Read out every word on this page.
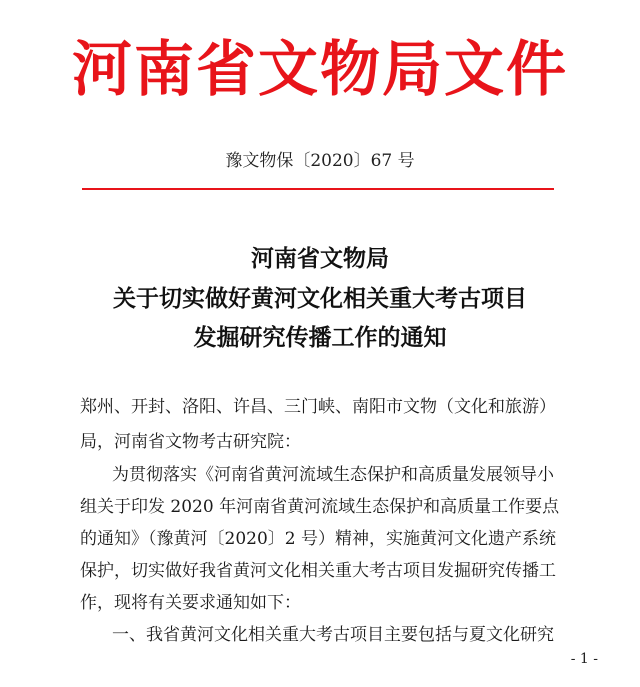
河南省文物局文件
豫文物保〔2020〕67 号
河南省文物局
关于切实做好黄河文化相关重大考古项目
发掘研究传播工作的通知
郑州、开封、洛阳、许昌、三门峡、南阳市文物（文化和旅游）
局，河南省文物考古研究院：
为贯彻落实《河南省黄河流域生态保护和高质量发展领导小
组关于印发 2020 年河南省黄河流域生态保护和高质量工作要点
的通知》（豫黄河〔2020〕2 号）精神，实施黄河文化遗产系统
保护，切实做好我省黄河文化相关重大考古项目发掘研究传播工
作，现将有关要求通知如下：
一、我省黄河文化相关重大考古项目主要包括与夏文化研究
- 1 -
